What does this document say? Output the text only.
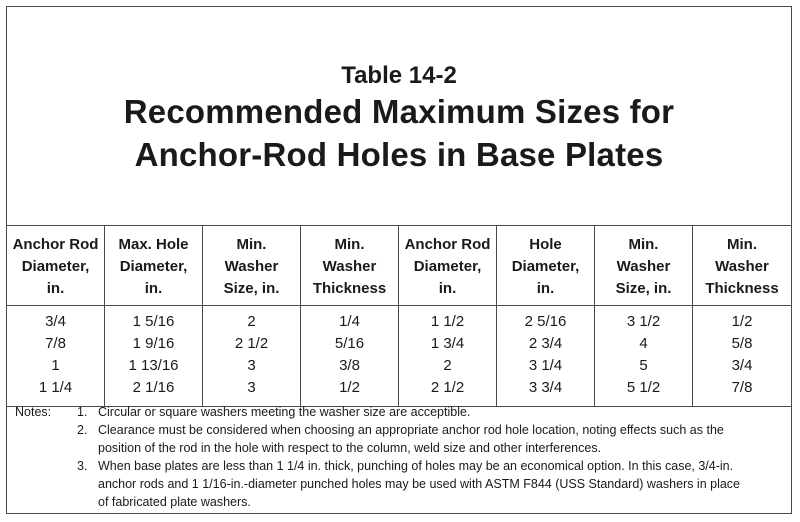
Table 14-2
Recommended Maximum Sizes for
Anchor-Rod Holes in Base Plates
Anchor Rod
Diameter,
in.
Max. Hole
Diameter,
in.
Min.
Washer
Size, in.
Min.
Washer
Thickness
Anchor Rod
Diameter,
in.
Hole
Diameter,
in.
Min.
Washer
Size, in.
Min.
Washer
Thickness
3/4
7/8
1
1 1/4
1 5/16
1 9/16
1 13/16
2 1/16
2
2 1/2
3
3
1/4
5/16
3/8
1/2
1 1/2
1 3/4
2
2 1/2
2 5/16
2 3/4
3 1/4
3 3/4
3 1/2
4
5
5 1/2
1/2
5/8
3/4
7/8
Notes: 1. Circular or square washers meeting the washer size are acceptible.
2. Clearance must be considered when choosing an appropriate anchor rod hole location, noting effects such as the
position of the rod in the hole with respect to the column, weld size and other interferences.
3. When base plates are less than 1 1/4 in. thick, punching of holes may be an economical option. In this case, 3/4-in.
anchor rods and 1 1/16-in.-diameter punched holes may be used with ASTM F844 (USS Standard) washers in place
of fabricated plate washers.
